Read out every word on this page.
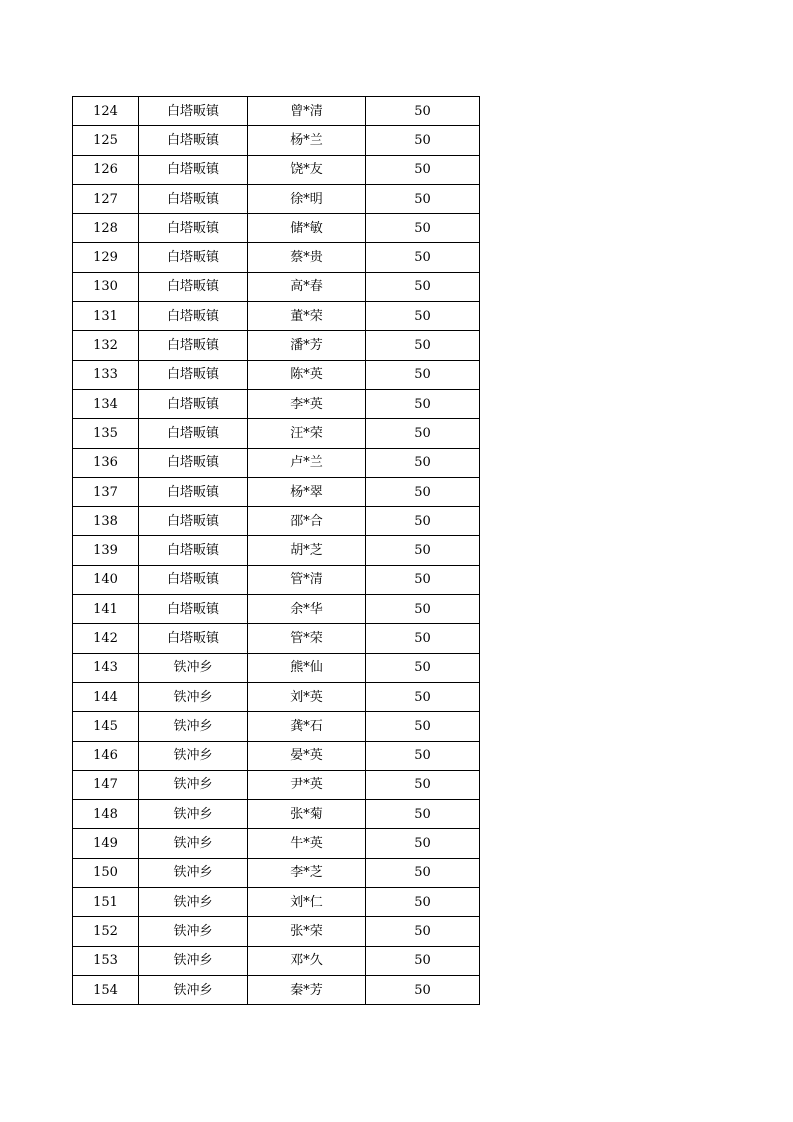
124	白塔畈镇	曾*清	50
125	白塔畈镇	杨*兰	50
126	白塔畈镇	饶*友	50
127	白塔畈镇	徐*明	50
128	白塔畈镇	储*敏	50
129	白塔畈镇	蔡*贵	50
130	白塔畈镇	高*春	50
131	白塔畈镇	董*荣	50
132	白塔畈镇	潘*芳	50
133	白塔畈镇	陈*英	50
134	白塔畈镇	李*英	50
135	白塔畈镇	汪*荣	50
136	白塔畈镇	卢*兰	50
137	白塔畈镇	杨*翠	50
138	白塔畈镇	邵*合	50
139	白塔畈镇	胡*芝	50
140	白塔畈镇	管*清	50
141	白塔畈镇	余*华	50
142	白塔畈镇	管*荣	50
143	铁冲乡	熊*仙	50
144	铁冲乡	刘*英	50
145	铁冲乡	龚*石	50
146	铁冲乡	晏*英	50
147	铁冲乡	尹*英	50
148	铁冲乡	张*菊	50
149	铁冲乡	牛*英	50
150	铁冲乡	李*芝	50
151	铁冲乡	刘*仁	50
152	铁冲乡	张*荣	50
153	铁冲乡	邓*久	50
154	铁冲乡	秦*芳	50
